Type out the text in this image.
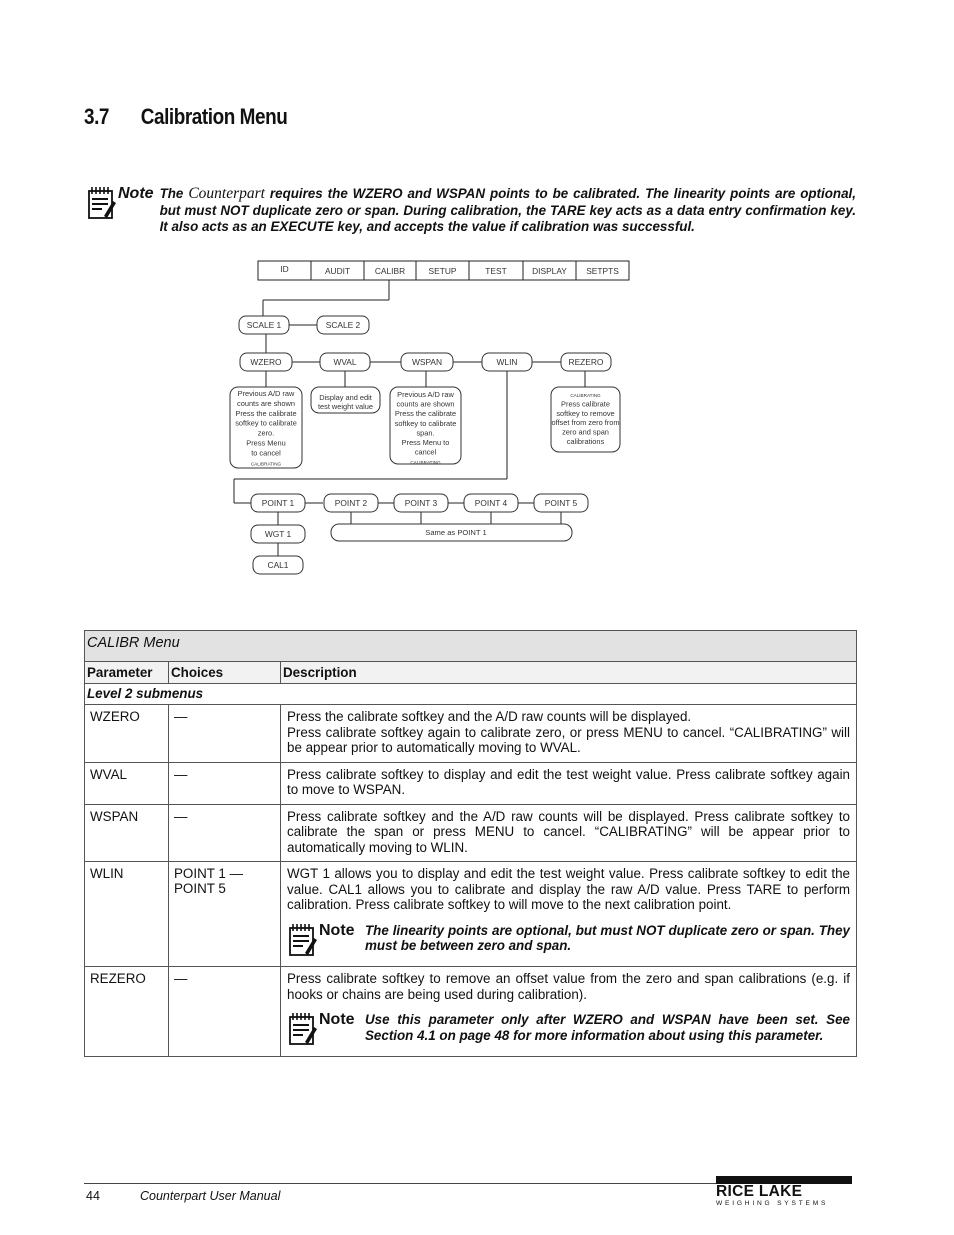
3.7 Calibration Menu
Note The Counterpart requires the WZERO and WSPAN points to be calibrated. The linearity points are optional, but must NOT duplicate zero or span. During calibration, the TARE key acts as a data entry confirmation key. It also acts as an EXECUTE key, and accepts the value if calibration was successful.
ID	AUDIT	CALIBR	SETUP	TEST	DISPLAY SETPTS
SCALE 1	SCALE 2
WZERO	WVAL	WSPAN	WLIN	REZERO
Previous A/D raw
counts are shown
Press the calibrate
softkey to calibrate
zero.
Press Menu
to cancel
CALIBRATING
Display and edit
test weight value
Previous A/D raw
counts are shown
Press the calibrate
softkey to calibrate
span.
Press Menu to
cancel
CALIBRATING
CALIBRATING
Press calibrate
softkey to remove
offset from zero from
zero and span
calibrations
POINT 1	POINT 2	POINT 3	POINT 4	POINT 5
WGT 1
CAL1
Same as POINT 1
CALIBR Menu		
Parameter	Choices	Description
Level 2 submenus		
WZERO	—	Press the calibrate softkey and the A/D raw counts will be displayed.
Press calibrate softkey again to calibrate zero, or press MENU to cancel. “CALIBRATING” will be appear prior to automatically moving to WVAL.

WVAL	—	Press calibrate softkey to display and edit the test weight value. Press calibrate softkey again to move to WSPAN.

WSPAN	—	Press calibrate softkey and the A/D raw counts will be displayed. Press calibrate softkey to calibrate the span or press MENU to cancel. “CALIBRATING” will be appear prior to automatically moving to WLIN.

WLIN	POINT 1 — POINT 5	WGT 1 allows you to display and edit the test weight value. Press calibrate softkey to edit the value. CAL1 allows you to calibrate and display the raw A/D value. Press TARE to perform calibration. Press calibrate softkey to will move to the next calibration point.
Note The linearity points are optional, but must NOT duplicate zero or span. They must be between zero and span.

REZERO	—	Press calibrate softkey to remove an offset value from the zero and span calibrations (e.g. if hooks or chains are being used during calibration).
Note Use this parameter only after WZERO and WSPAN have been set. See Section 4.1 on page 48 for more information about using this parameter.
44	Counterpart User Manual	RICE LAKE
WEIGHING SYSTEMS
